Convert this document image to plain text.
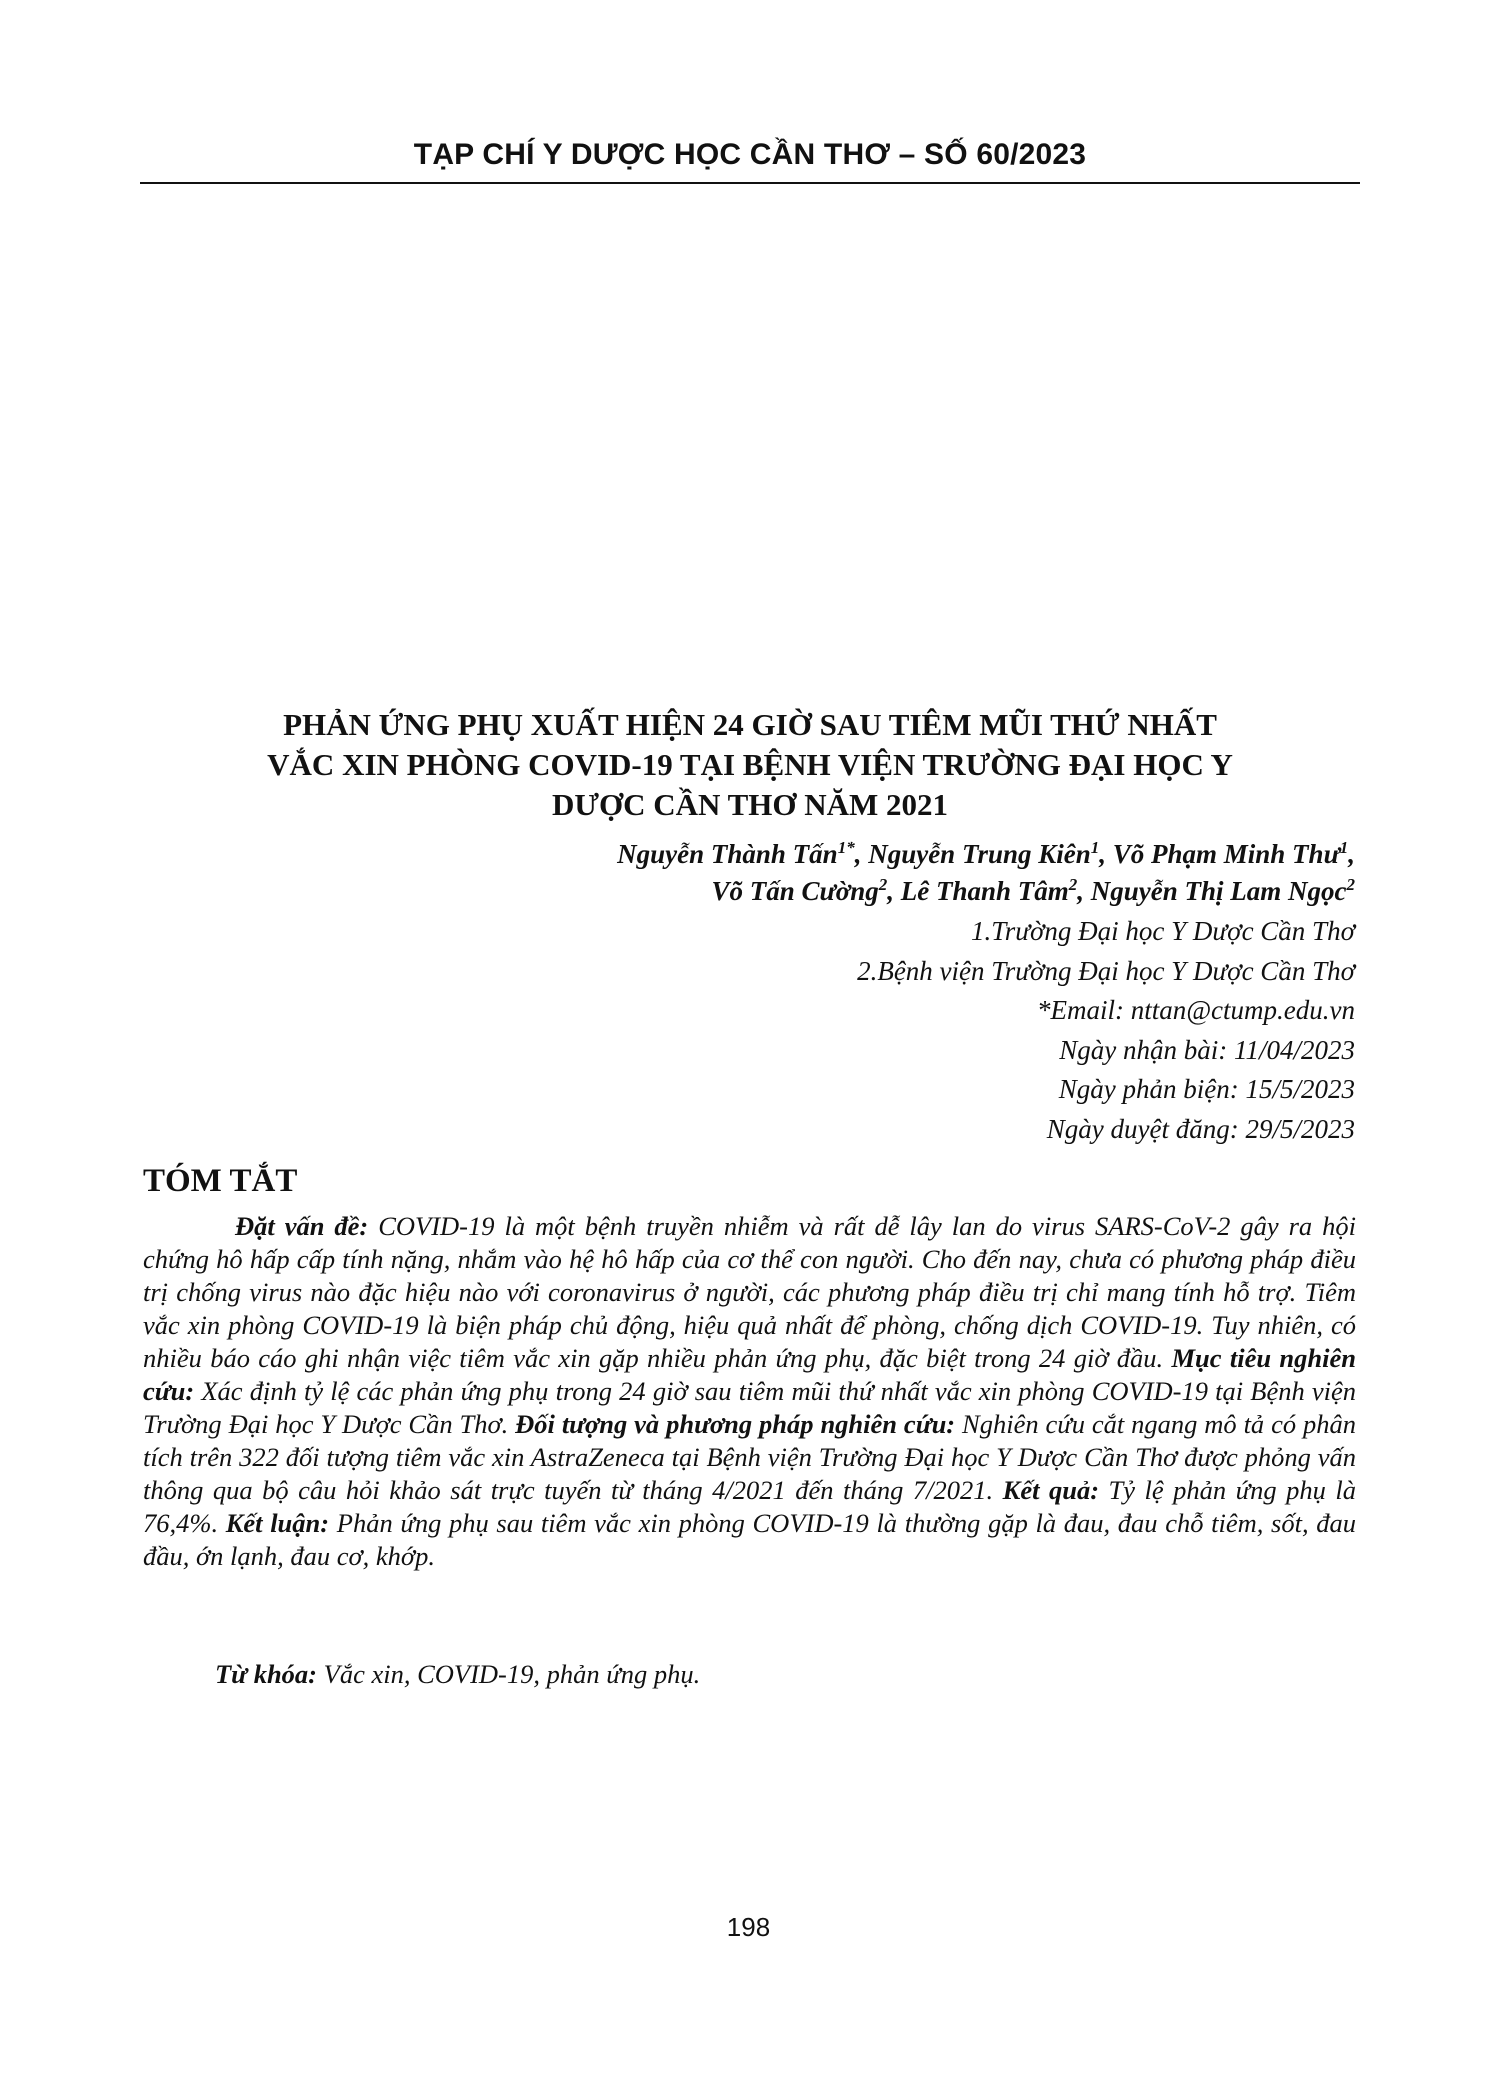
TẠP CHÍ Y DƯỢC HỌC CẦN THƠ – SỐ 60/2023
PHẢN ỨNG PHỤ XUẤT HIỆN 24 GIỜ SAU TIÊM MŨI THỨ NHẤT
VẮC XIN PHÒNG COVID-19 TẠI BỆNH VIỆN TRƯỜNG ĐẠI HỌC Y
DƯỢC CẦN THƠ NĂM 2021
Nguyễn Thành Tấn$^{1*}$, Nguyễn Trung Kiên$^1$, Võ Phạm Minh Thư$^1$,
Võ Tấn Cường$^2$, Lê Thanh Tâm$^2$, Nguyễn Thị Lam Ngọc$^2$
1.Trường Đại học Y Dược Cần Thơ
2.Bệnh viện Trường Đại học Y Dược Cần Thơ
*Email: nttan@ctump.edu.vn
Ngày nhận bài: 11/04/2023
Ngày phản biện: 15/5/2023
Ngày duyệt đăng: 29/5/2023
TÓM TẮT

Đặt vấn đề: COVID-19 là một bệnh truyền nhiễm và rất dễ lây lan do virus SARS-CoV-2 gây ra hội chứng hô hấp cấp tính nặng, nhắm vào hệ hô hấp của cơ thể con người. Cho đến nay, chưa có phương pháp điều trị chống virus nào đặc hiệu nào với coronavirus ở người, các phương pháp điều trị chỉ mang tính hỗ trợ. Tiêm vắc xin phòng COVID-19 là biện pháp chủ động, hiệu quả nhất để phòng, chống dịch COVID-19. Tuy nhiên, có nhiều báo cáo ghi nhận việc tiêm vắc xin gặp nhiều phản ứng phụ, đặc biệt trong 24 giờ đầu. Mục tiêu nghiên cứu: Xác định tỷ lệ các phản ứng phụ trong 24 giờ sau tiêm mũi thứ nhất vắc xin phòng COVID-19 tại Bệnh viện Trường Đại học Y Dược Cần Thơ. Đối tượng và phương pháp nghiên cứu: Nghiên cứu cắt ngang mô tả có phân tích trên 322 đối tượng tiêm vắc xin AstraZeneca tại Bệnh viện Trường Đại học Y Dược Cần Thơ được phỏng vấn thông qua bộ câu hỏi khảo sát trực tuyến từ tháng 4/2021 đến tháng 7/2021. Kết quả: Tỷ lệ phản ứng phụ là 76,4%. Kết luận: Phản ứng phụ sau tiêm vắc xin phòng COVID-19 là thường gặp là đau, đau chỗ tiêm, sốt, đau đầu, ớn lạnh, đau cơ, khớp.

Từ khóa: Vắc xin, COVID-19, phản ứng phụ.

198
